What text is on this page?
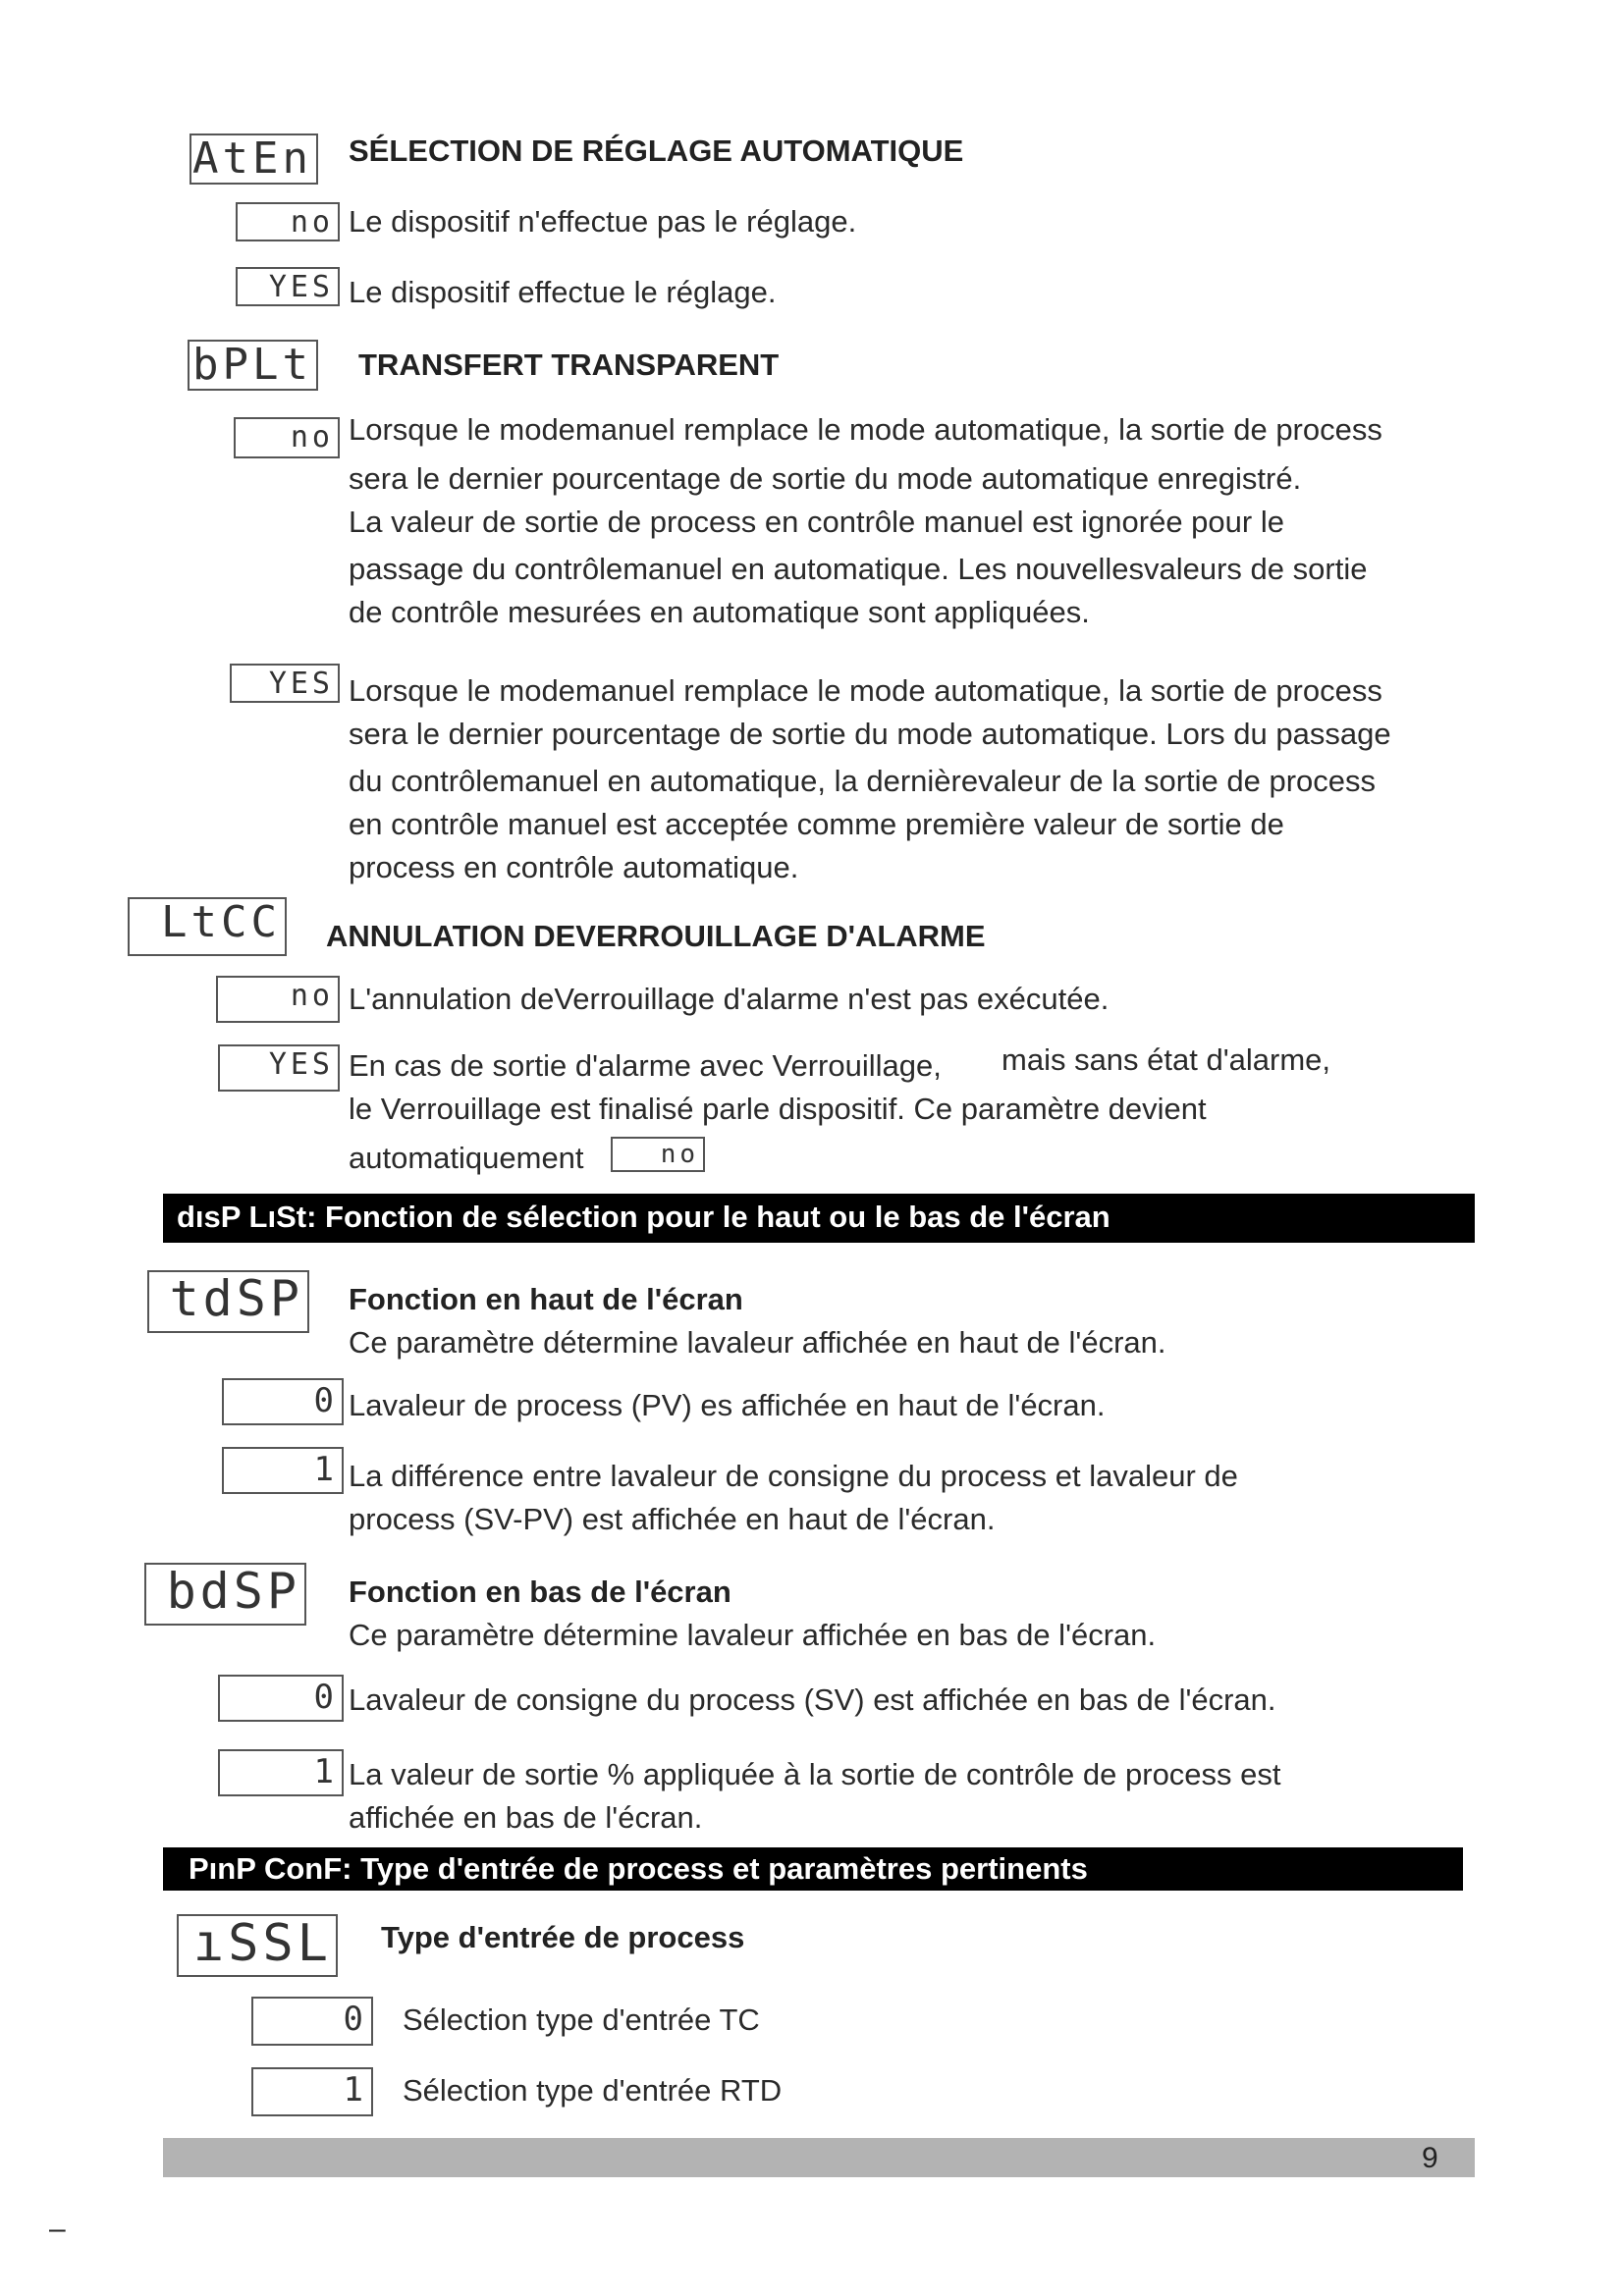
AtEn SÉLECTION DE RÉGLAGE AUTOMATIQUE
no Le dispositif n'effectue pas le réglage.
YES Le dispositif effectue le réglage.
bPLt TRANSFERT TRANSPARENT
no Lorsque le modemanuel remplace le mode automatique, la sortie de process
sera le dernier pourcentage de sortie du mode automatique enregistré.
La valeur de sortie de process en contrôle manuel est ignorée pour le
passage du contrôlemanuel en automatique. Les nouvellesvaleurs de sortie
de contrôle mesurées en automatique sont appliquées.
YES Lorsque le modemanuel remplace le mode automatique, la sortie de process
sera le dernier pourcentage de sortie du mode automatique. Lors du passage
du contrôlemanuel en automatique, la dernièrevaleur de la sortie de process
en contrôle manuel est acceptée comme première valeur de sortie de
process en contrôle automatique.
LtCC ANNULATION DEVERROUILLAGE D'ALARME
no L'annulation deVerrouillage d'alarme n'est pas exécutée.
YES En cas de sortie d'alarme avec Verrouillage, mais sans état d'alarme,
le Verrouillage est finalisé parle dispositif. Ce paramètre devient
automatiquement	no
dısP LıSt: Fonction de sélection pour le haut ou le bas de l'écran
tdSP Fonction en haut de l'écran
Ce paramètre détermine lavaleur affichée en haut de l'écran.
0 Lavaleur de process (PV) es affichée en haut de l'écran.
1 La différence entre lavaleur de consigne du process et lavaleur de
process (SV-PV) est affichée en haut de l'écran.
bdSP Fonction en bas de l'écran
Ce paramètre détermine lavaleur affichée en bas de l'écran.
0 Lavaleur de consigne du process (SV) est affichée en bas de l'écran.
1 La valeur de sortie % appliquée à la sortie de contrôle de process est
affichée en bas de l'écran.
PınP ConF: Type d'entrée de process et paramètres pertinents
ıSSL Type d'entrée de process
0 Sélection type d'entrée TC
1 Sélection type d'entrée RTD
9
–
